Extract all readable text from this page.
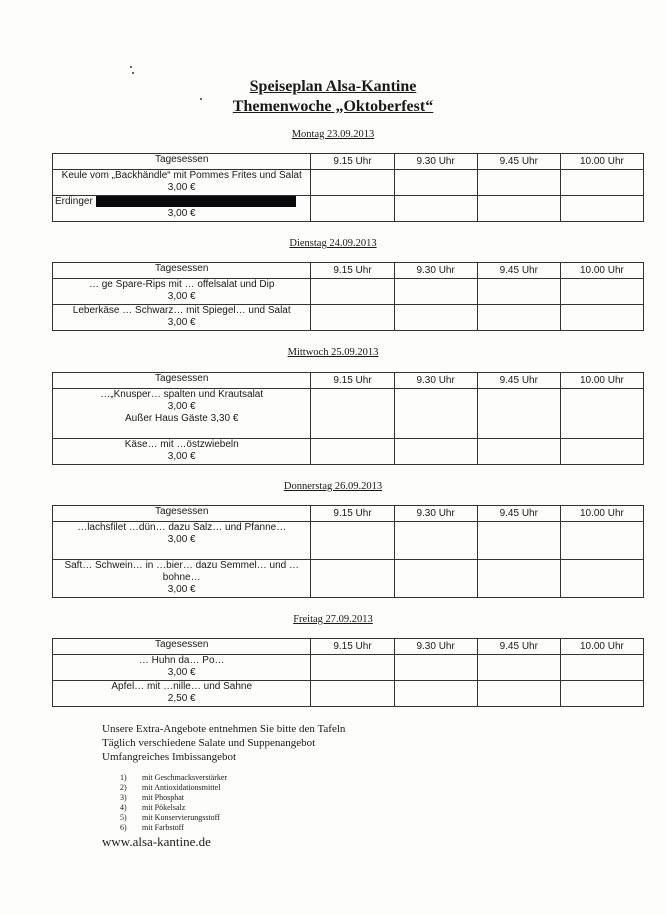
Speiseplan Alsa-Kantine
Themenwoche „Oktoberfest“
Montag 23.09.2013
Tagesessen	9.15 Uhr	9.30 Uhr	9.45 Uhr	10.00 Uhr

Keule vom „Backhändle“ mit Pommes Frites und Salat
3,00 €				

Erdinger
3,00 €				

Dienstag 24.09.2013
Tagesessen	9.15 Uhr	9.30 Uhr	9.45 Uhr	10.00 Uhr

… ge Spare-Rips mit … offelsalat und Dip
3,00 €				

Leberkäse … Schwarz… mit Spiegel… und Salat
3,00 €				

Mittwoch 25.09.2013
Tagesessen	9.15 Uhr	9.30 Uhr	9.45 Uhr	10.00 Uhr

…„Knusper… spalten und Krautsalat
3,00 €
Außer Haus Gäste 3,30 €				

Käse… mit …östzwiebeln
3,00 €				

Donnerstag 26.09.2013
Tagesessen	9.15 Uhr	9.30 Uhr	9.45 Uhr	10.00 Uhr

…lachsfilet …dün… dazu Salz… und Pfanne…
3,00 €				

Saft… Schwein… in …bier… dazu Semmel… und …bohne…
3,00 €				

Freitag 27.09.2013
Tagesessen	9.15 Uhr	9.30 Uhr	9.45 Uhr	10.00 Uhr

… Huhn da… Po…
3,00 €				

Apfel… mit …nille… und Sahne
2,50 €				

Unsere Extra-Angebote entnehmen Sie bitte den Tafeln
Täglich verschiedene Salate und Suppenangebot
Umfangreiches Imbissangebot
1) mit Geschmacksverstärker
2) mit Antioxidationsmittel
3) mit Phosphat
4) mit Pökelsalz
5) mit Konservierungsstoff
6) mit Farbstoff
www.alsa-kantine.de
